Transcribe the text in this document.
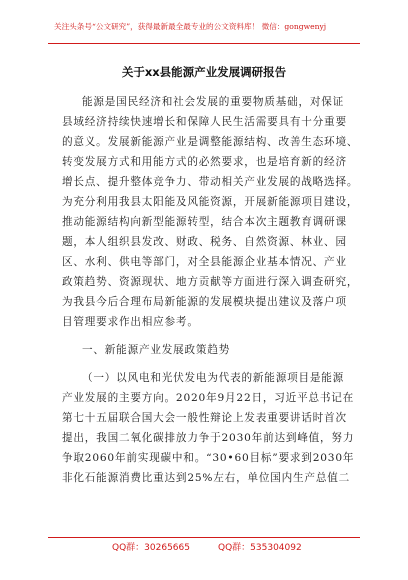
关注头条号“公文研究”，获得最新最全最专业的公文资料库！ 微信：gongwenyj
关于xx县能源产业发展调研报告
能源是国民经济和社会发展的重要物质基础，对保证
县域经济持续快速增长和保障人民生活需要具有十分重要
的意义。发展新能源产业是调整能源结构、改善生态环境、
转变发展方式和用能方式的必然要求，也是培育新的经济
增长点、提升整体竞争力、带动相关产业发展的战略选择。
为充分利用我县太阳能及风能资源，开展新能源项目建设，
推动能源结构向新型能源转型，结合本次主题教育调研课
题，本人组织县发改、财政、税务、自然资源、林业、园
区、水利、供电等部门，对全县能源企业基本情况、产业
政策趋势、资源现状、地方贡献等方面进行深入调查研究，
为我县今后合理布局新能源的发展模块提出建议及落户项
目管理要求作出相应参考。
一、新能源产业发展政策趋势
（一）以风电和光伏发电为代表的新能源项目是能源
产业发展的主要方向。2020年9月22日，习近平总书记在
第七十五届联合国大会一般性辩论上发表重要讲话时首次
提出，我国二氧化碳排放力争于2030年前达到峰值，努力
争取2060年前实现碳中和。“30•60目标”要求到2030年
非化石能源消费比重达到25%左右，单位国内生产总值二
QQ群：30265665	QQ群：535304092
